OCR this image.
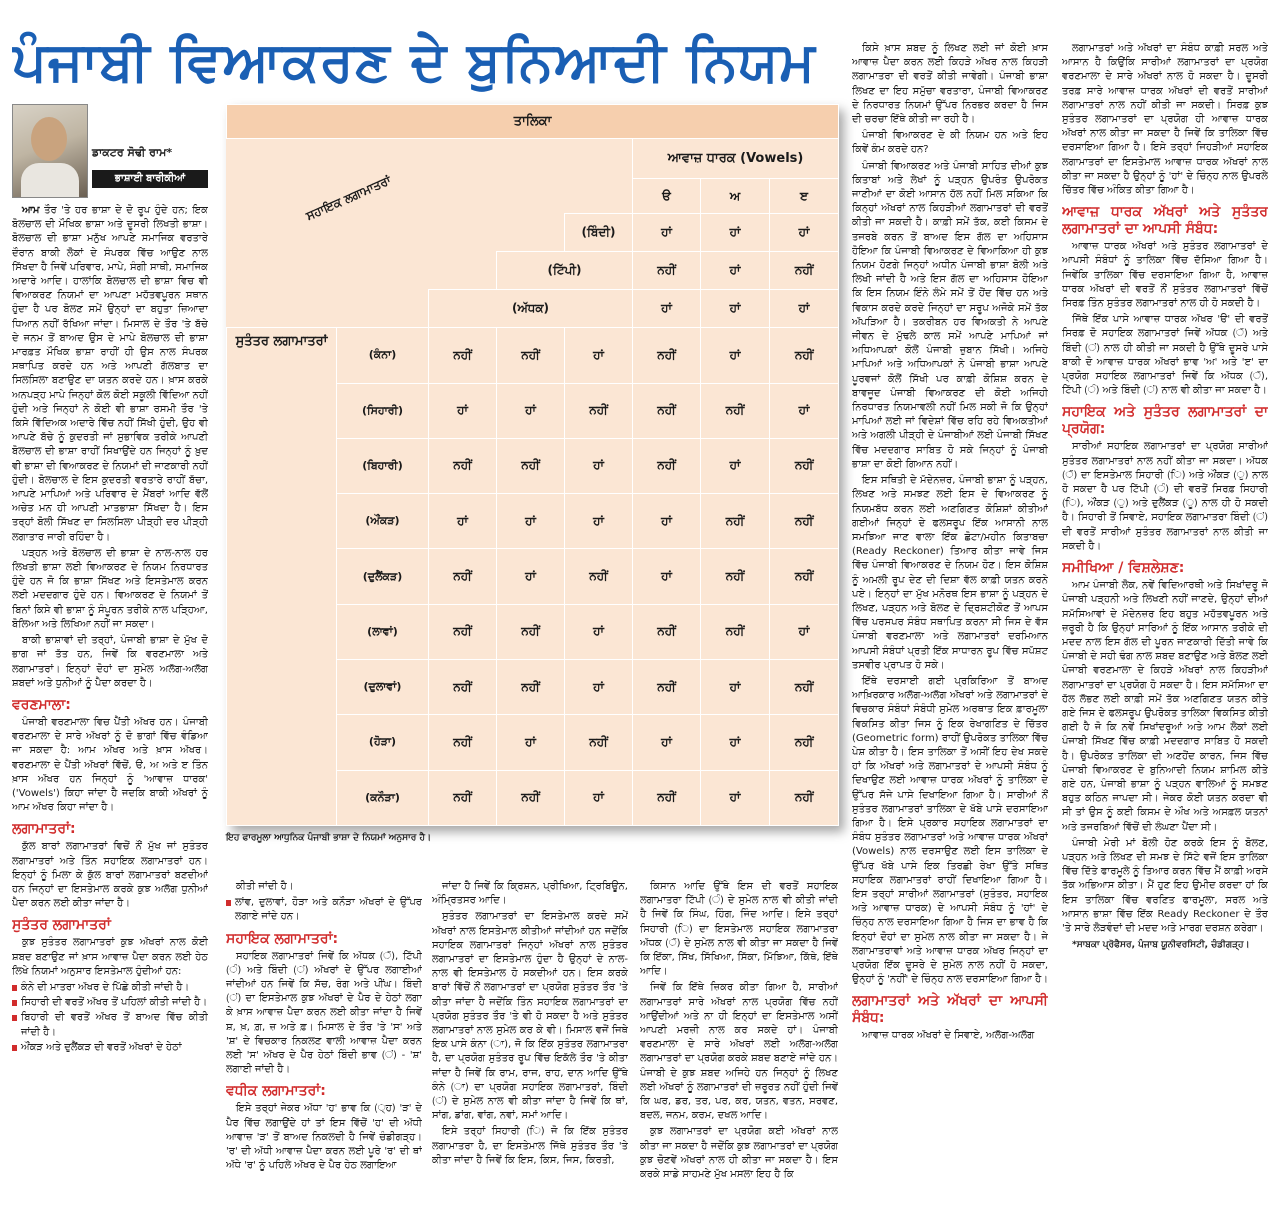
ਪੰਜਾਬੀ ਵਿਆਕਰਣ ਦੇ ਬੁਨਿਆਦੀ ਨਿਯਮ
ਡਾਕਟਰ ਸੋਢੀ ਰਾਮ*
ਭਾਸ਼ਾਈ ਬਾਰੀਕੀਆਂ

ਆਮ ਤੌਰ 'ਤੇ ਹਰ ਭਾਸ਼ਾ ਦੇ ਦੋ ਰੂਪ ਹੁੰਦੇ ਹਨ; ਇਕ ਬੋਲਚਾਲ ਦੀ ਮੌਖਿਕ ਭਾਸ਼ਾ ਅਤੇ ਦੂਸਰੀ ਲਿਖਤੀ ਭਾਸ਼ਾ। ਬੋਲਚਾਲ ਦੀ ਭਾਸ਼ਾ ਮਨੁੱਖ ਆਪਣੇ ਸਮਾਜਿਕ ਵਰਤਾਰੇ ਦੌਰਾਨ ਬਾਕੀ ਲੋਕਾਂ ਦੇ ਸੰਪਰਕ ਵਿੱਚ ਆਉਣ ਨਾਲ ਸਿੱਖਦਾ ਹੈ ਜਿਵੇਂ ਪਰਿਵਾਰ, ਮਾਪੇ, ਸੰਗੀ ਸਾਥੀ, ਸਮਾਜਿਕ ਅਦਾਰੇ ਆਦਿ। ਹਾਲਾਂਕਿ ਬੋਲਚਾਲ ਦੀ ਭਾਸ਼ਾ ਵਿਚ ਵੀ ਵਿਆਕਰਣ ਨਿਯਮਾਂ ਦਾ ਆਪਣਾ ਮਹੱਤਵਪੂਰਨ ਸਥਾਨ ਹੁੰਦਾ ਹੈ ਪਰ ਬੋਲਣ ਸਮੇਂ ਉਨ੍ਹਾਂ ਦਾ ਬਹੁਤਾ ਜ਼ਿਆਦਾ ਧਿਆਨ ਨਹੀਂ ਰੱਖਿਆ ਜਾਂਦਾ। ਮਿਸਾਲ ਦੇ ਤੌਰ 'ਤੇ ਬੱਚੇ ਦੇ ਜਨਮ ਤੋਂ ਬਾਅਦ ਉਸ ਦੇ ਮਾਪੇ ਬੋਲਚਾਲ ਦੀ ਭਾਸ਼ਾ ਮਾਰਫ਼ਤ ਮੌਖਿਕ ਭਾਸ਼ਾ ਰਾਹੀਂ ਹੀ ਉਸ ਨਾਲ ਸੰਪਰਕ ਸਥਾਪਿਤ ਕਰਦੇ ਹਨ ਅਤੇ ਆਪਣੀ ਗੱਲਬਾਤ ਦਾ ਸਿਲਸਿਲਾ ਬਣਾਉਣ ਦਾ ਯਤਨ ਕਰਦੇ ਹਨ। ਖ਼ਾਸ ਕਰਕੇ ਅਨਪੜ੍ਹ ਮਾਪੇ ਜਿਨ੍ਹਾਂ ਕੋਲ ਕੋਈ ਸਕੂਲੀ ਵਿੱਦਿਆ ਨਹੀਂ ਹੁੰਦੀ ਅਤੇ ਜਿਨ੍ਹਾਂ ਨੇ ਕੋਈ ਵੀ ਭਾਸ਼ਾ ਰਸਮੀ ਤੌਰ 'ਤੇ ਕਿਸੇ ਵਿੱਦਿਅਕ ਅਦਾਰੇ ਵਿੱਚ ਨਹੀਂ ਸਿੱਖੀ ਹੁੰਦੀ, ਉਹ ਵੀ ਆਪਣੇ ਬੱਚੇ ਨੂੰ ਕੁਦਰਤੀ ਜਾਂ ਸੁਭਾਵਿਕ ਤਰੀਕੇ ਆਪਣੀ ਬੋਲਚਾਲ ਦੀ ਭਾਸ਼ਾ ਰਾਹੀਂ ਸਿਖਾਉਂਦੇ ਹਨ ਜਿਨ੍ਹਾਂ ਨੂੰ ਖ਼ੁਦ ਵੀ ਭਾਸ਼ਾ ਦੀ ਵਿਆਕਰਣ ਦੇ ਨਿਯਮਾਂ ਦੀ ਜਾਣਕਾਰੀ ਨਹੀਂ ਹੁੰਦੀ। ਬੋਲਚਾਲ ਦੇ ਇਸ ਕੁਦਰਤੀ ਵਰਤਾਰੇ ਰਾਹੀਂ ਬੱਚਾ, ਆਪਣੇ ਮਾਪਿਆਂ ਅਤੇ ਪਰਿਵਾਰ ਦੇ ਮੈਂਬਰਾਂ ਆਦਿ ਵੱਲੋਂ ਅਚੇਤ ਮਨ ਹੀ ਆਪਣੀ ਮਾਤਭਾਸ਼ਾ ਸਿੱਖਦਾ ਹੈ। ਇਸ ਤਰ੍ਹਾਂ ਬੋਲੀ ਸਿੱਖਣ ਦਾ ਸਿਲਸਿਲਾ ਪੀੜ੍ਹੀ ਦਰ ਪੀੜ੍ਹੀ ਲਗਾਤਾਰ ਜਾਰੀ ਰਹਿੰਦਾ ਹੈ।

ਪੜ੍ਹਨ ਅਤੇ ਬੋਲਚਾਲ ਦੀ ਭਾਸ਼ਾ ਦੇ ਨਾਲ-ਨਾਲ ਹਰ ਲਿਖਤੀ ਭਾਸ਼ਾ ਲਈ ਵਿਆਕਰਣ ਦੇ ਨਿਯਮ ਨਿਰਧਾਰਤ ਹੁੰਦੇ ਹਨ ਜੋ ਕਿ ਭਾਸ਼ਾ ਸਿੱਖਣ ਅਤੇ ਇਸਤੇਮਾਲ ਕਰਨ ਲਈ ਮਦਦਗਾਰ ਹੁੰਦੇ ਹਨ। ਵਿਆਕਰਣ ਦੇ ਨਿਯਮਾਂ ਤੋਂ ਬਿਨਾਂ ਕਿਸੇ ਵੀ ਭਾਸ਼ਾ ਨੂੰ ਸੰਪੂਰਨ ਤਰੀਕੇ ਨਾਲ ਪੜ੍ਹਿਆ, ਬੋਲਿਆ ਅਤੇ ਲਿਖਿਆ ਨਹੀਂ ਜਾ ਸਕਦਾ।

ਬਾਕੀ ਭਾਸ਼ਾਵਾਂ ਦੀ ਤਰ੍ਹਾਂ, ਪੰਜਾਬੀ ਭਾਸ਼ਾ ਦੇ ਮੁੱਖ ਦੋ ਭਾਗ ਜਾਂ ਤੱਤ ਹਨ, ਜਿਵੇਂ ਕਿ ਵਰਣਮਾਲਾ ਅਤੇ ਲਗਾਮਾਤਰਾਂ। ਇਨ੍ਹਾਂ ਦੋਹਾਂ ਦਾ ਸੁਮੇਲ ਅਲੱਗ-ਅਲੱਗ ਸ਼ਬਦਾਂ ਅਤੇ ਧੁਨੀਆਂ ਨੂੰ ਪੈਦਾ ਕਰਦਾ ਹੈ।

ਵਰਣਮਾਲਾ:

ਪੰਜਾਬੀ ਵਰਣਮਾਲਾ ਵਿਚ ਪੈਂਤੀ ਅੱਖਰ ਹਨ। ਪੰਜਾਬੀ ਵਰਣਮਾਲਾ ਦੇ ਸਾਰੇ ਅੱਖਰਾਂ ਨੂੰ ਦੋ ਭਾਗਾਂ ਵਿੱਚ ਵੰਡਿਆ ਜਾ ਸਕਦਾ ਹੈ: ਆਮ ਅੱਖਰ ਅਤੇ ਖ਼ਾਸ ਅੱਖਰ। ਵਰਣਮਾਲਾ ਦੇ ਪੈਂਤੀ ਅੱਖਰਾਂ ਵਿੱਚੋਂ, ੳ, ਅ ਅਤੇ ੲ ਤਿੰਨ ਖ਼ਾਸ ਅੱਖਰ ਹਨ ਜਿਨ੍ਹਾਂ ਨੂੰ 'ਆਵਾਜ਼ ਧਾਰਕ' ('Vowels') ਕਿਹਾ ਜਾਂਦਾ ਹੈ ਜਦਕਿ ਬਾਕੀ ਅੱਖਰਾਂ ਨੂੰ ਆਮ ਅੱਖਰ ਕਿਹਾ ਜਾਂਦਾ ਹੈ।

ਲਗਾਮਾਤਰਾਂ:

ਕੁੱਲ ਬਾਰਾਂ ਲਗਾਮਾਤਰਾਂ ਵਿਚੋਂ ਨੌਂ ਮੁੱਖ ਜਾਂ ਸੁਤੰਤਰ ਲਗਾਮਾਤਰਾਂ ਅਤੇ ਤਿੰਨ ਸਹਾਇਕ ਲਗਾਮਾਤਰਾਂ ਹਨ। ਇਨ੍ਹਾਂ ਨੂੰ ਮਿਲਾ ਕੇ ਕੁੱਲ ਬਾਰਾਂ ਲਗਾਮਾਤਰਾਂ ਬਣਦੀਆਂ ਹਨ ਜਿਨ੍ਹਾਂ ਦਾ ਇਸਤੇਮਾਲ ਕਰਕੇ ਕੁਝ ਅਲੱਗ ਧੁਨੀਆਂ ਪੈਦਾ ਕਰਨ ਲਈ ਕੀਤਾ ਜਾਂਦਾ ਹੈ।

ਸੁਤੰਤਰ ਲਗਾਮਾਤਰਾਂ

ਕੁਝ ਸੁਤੰਤਰ ਲਗਾਮਾਤਰਾਂ ਕੁਝ ਅੱਖਰਾਂ ਨਾਲ ਕੋਈ ਸ਼ਬਦ ਬਣਾਉਣ ਜਾਂ ਖ਼ਾਸ ਆਵਾਜ਼ ਪੈਦਾ ਕਰਨ ਲਈ ਹੇਠ ਲਿਖੇ ਨਿਯਮਾਂ ਅਨੁਸਾਰ ਇਸਤੇਮਾਲ ਹੁੰਦੀਆਂ ਹਨ:

ਕੰਨੇ ਦੀ ਮਾਤਰਾ ਅੱਖਰ ਦੇ ਪਿੱਛੇ ਕੀਤੀ ਜਾਂਦੀ ਹੈ।
ਸਿਹਾਰੀ ਦੀ ਵਰਤੋਂ ਅੱਖਰ ਤੋਂ ਪਹਿਲਾਂ ਕੀਤੀ ਜਾਂਦੀ ਹੈ।
ਬਿਹਾਰੀ ਦੀ ਵਰਤੋਂ ਅੱਖਰ ਤੋਂ ਬਾਅਦ ਵਿੱਚ ਕੀਤੀ ਜਾਂਦੀ ਹੈ।
ਔਂਕੜ ਅਤੇ ਦੁਲੈਂਕੜ ਦੀ ਵਰਤੋਂ ਅੱਖਰਾਂ ਦੇ ਹੇਠਾਂ
ਤਾਲਿਕਾ							

ਸਹਾਇਕ ਲਗਾਮਾਤਰਾਂ					ਆਵਾਜ਼ ਧਾਰਕ (Vowels)		
					ੳ	ਅ	ੲ
				(ਬਿੰਦੀ)	ਹਾਂ	ਹਾਂ	ਹਾਂ
			(ਟਿੱਪੀ)		ਨਹੀਂ	ਹਾਂ	ਨਹੀਂ
		(ਅੱਧਕ)			ਹਾਂ	ਹਾਂ	ਹਾਂ
ਸੁਤੰਤਰ ਲਗਾਮਾਤਰਾਂ	(ਕੰਨਾ)	ਨਹੀਂ	ਨਹੀਂ	ਹਾਂ	ਨਹੀਂ	ਹਾਂ	ਨਹੀਂ
	(ਸਿਹਾਰੀ)	ਹਾਂ	ਹਾਂ	ਨਹੀਂ	ਨਹੀਂ	ਨਹੀਂ	ਹਾਂ
	(ਬਿਹਾਰੀ)	ਨਹੀਂ	ਨਹੀਂ	ਹਾਂ	ਨਹੀਂ	ਹਾਂ	ਨਹੀਂ
	(ਔਂਕੜ)	ਹਾਂ	ਹਾਂ	ਹਾਂ	ਹਾਂ	ਨਹੀਂ	ਨਹੀਂ
	(ਦੁਲੈਂਕੜ)	ਨਹੀਂ	ਹਾਂ	ਨਹੀਂ	ਹਾਂ	ਨਹੀਂ	ਨਹੀਂ
	(ਲਾਵਾਂ)	ਨਹੀਂ	ਨਹੀਂ	ਹਾਂ	ਨਹੀਂ	ਨਹੀਂ	ਹਾਂ
	(ਦੁਲਾਵਾਂ)	ਨਹੀਂ	ਨਹੀਂ	ਹਾਂ	ਨਹੀਂ	ਹਾਂ	ਨਹੀਂ
	(ਹੋੜਾ)	ਨਹੀਂ	ਹਾਂ	ਨਹੀਂ	ਹਾਂ	ਹਾਂ	ਨਹੀਂ
	(ਕਨੌੜਾ)	ਨਹੀਂ	ਨਹੀਂ	ਹਾਂ	ਨਹੀਂ	ਹਾਂ	ਨਹੀਂ
ਇਹ ਫਾਰਮੂਲਾ ਆਧੁਨਿਕ ਪੰਜਾਬੀ ਭਾਸ਼ਾ ਦੇ ਨਿਯਮਾਂ ਅਨੁਸਾਰ ਹੈ।

ਕੀਤੀ ਜਾਂਦੀ ਹੈ।

ਲਾਂਵ, ਦੁਲਾਵਾਂ, ਹੋੜਾ ਅਤੇ ਕਨੌੜਾ ਅੱਖਰਾਂ ਦੇ ਉੱਪਰ ਲਗਾਏ ਜਾਂਦੇ ਹਨ।
ਸਹਾਇਕ ਲਗਾਮਾਤਰਾਂ:

ਸਹਾਇਕ ਲਗਾਮਾਤਰਾਂ ਜਿਵੇਂ ਕਿ ਅੱਧਕ (ੱ), ਟਿੱਪੀ (ੰ) ਅਤੇ ਬਿੰਦੀ (ਂ) ਅੱਖਰਾਂ ਦੇ ਉੱਪਰ ਲਗਾਈਆਂ ਜਾਂਦੀਆਂ ਹਨ ਜਿਵੇਂ ਕਿ ਸੱਚ, ਰੰਗ ਅਤੇ ਪੀਂਘ। ਬਿੰਦੀ (ਂ) ਦਾ ਇਸਤੇਮਾਲ ਕੁਝ ਅੱਖਰਾਂ ਦੇ ਪੈਰ ਦੇ ਹੇਠਾਂ ਲਗਾ ਕੇ ਖ਼ਾਸ ਆਵਾਜ਼ ਪੈਦਾ ਕਰਨ ਲਈ ਕੀਤਾ ਜਾਂਦਾ ਹੈ ਜਿਵੇਂ ਸ਼, ਖ਼, ਗ਼, ਜ਼ ਅਤੇ ਫ਼। ਮਿਸਾਲ ਦੇ ਤੌਰ 'ਤੇ 'ਸ' ਅਤੇ 'ਸ਼' ਦੇ ਵਿਚਕਾਰ ਨਿਕਲਣ ਵਾਲੀ ਆਵਾਜ਼ ਪੈਦਾ ਕਰਨ ਲਈ 'ਸ' ਅੱਖਰ ਦੇ ਪੈਰ ਹੇਠਾਂ ਬਿੰਦੀ ਭਾਵ (ਂ) - 'ਸ਼' ਲਗਾਈ ਜਾਂਦੀ ਹੈ।

ਵਧੀਕ ਲਗਾਮਾਤਰਾਂ:

ਇਸੇ ਤਰ੍ਹਾਂ ਜੇਕਰ ਅੱਧਾ 'ਹ' ਭਾਵ ਕਿ (੍ਹ) 'ੜ' ਦੇ ਪੈਰ ਵਿੱਚ ਲਗਾਉਂਦੇ ਹਾਂ ਤਾਂ ਇਸ ਵਿੱਚੋਂ 'ਹ' ਦੀ ਅੱਧੀ ਆਵਾਜ਼ 'ੜ' ਤੋਂ ਬਾਅਦ ਨਿਕਲਦੀ ਹੈ ਜਿਵੇਂ ਚੰਡੀਗੜ੍ਹ। 'ਰ' ਦੀ ਅੱਧੀ ਆਵਾਜ਼ ਪੈਦਾ ਕਰਨ ਲਈ ਪੂਰੇ 'ਰ' ਦੀ ਥਾਂ ਅੱਧੇ 'ਰ' ਨੂੰ ਪਹਿਲੇ ਅੱਖਰ ਦੇ ਪੈਰ ਹੇਠ ਲਗਾਇਆ

ਜਾਂਦਾ ਹੈ ਜਿਵੇਂ ਕਿ ਕ੍ਰਿਸ਼ਨ, ਪ੍ਰੀਖਿਆ, ਟ੍ਰਿਬਿਊਨ, ਅੰਮ੍ਰਿਤਸਰ ਆਦਿ।

ਸੁਤੰਤਰ ਲਗਾਮਾਤਰਾਂ ਦਾ ਇਸਤੇਮਾਲ ਕਰਦੇ ਸਮੇਂ ਅੱਖਰਾਂ ਨਾਲ ਇਸਤੇਮਾਲ ਕੀਤੀਆਂ ਜਾਂਦੀਆਂ ਹਨ ਜਦੋਂਕਿ ਸਹਾਇਕ ਲਗਾਮਾਤਰਾਂ ਜਿਨ੍ਹਾਂ ਅੱਖਰਾਂ ਨਾਲ ਸੁਤੰਤਰ ਲਗਾਮਾਤਰਾਂ ਦਾ ਇਸਤੇਮਾਲ ਹੁੰਦਾ ਹੈ ਉਨ੍ਹਾਂ ਦੇ ਨਾਲ-ਨਾਲ ਵੀ ਇਸਤੇਮਾਲ ਹੋ ਸਕਦੀਆਂ ਹਨ। ਇਸ ਕਰਕੇ ਬਾਰਾਂ ਵਿੱਚੋਂ ਨੌਂ ਲਗਾਮਾਤਰਾਂ ਦਾ ਪ੍ਰਯੋਗ ਸੁਤੰਤਰ ਤੌਰ 'ਤੇ ਕੀਤਾ ਜਾਂਦਾ ਹੈ ਜਦੋਂਕਿ ਤਿੰਨ ਸਹਾਇਕ ਲਗਾਮਾਤਰਾਂ ਦਾ ਪ੍ਰਯੋਗ ਸੁਤੰਤਰ ਤੌਰ 'ਤੇ ਵੀ ਹੋ ਸਕਦਾ ਹੈ ਅਤੇ ਸੁਤੰਤਰ ਲਗਾਮਾਤਰਾਂ ਨਾਲ ਸੁਮੇਲ ਕਰ ਕੇ ਵੀ। ਮਿਸਾਲ ਵਜੋਂ ਜਿਥੇ ਇਕ ਪਾਸੇ ਕੰਨਾ (ਾ), ਜੋ ਕਿ ਇੱਕ ਸੁਤੰਤਰ ਲਗਾਮਾਤਰਾ ਹੈ, ਦਾ ਪ੍ਰਯੋਗ ਸੁਤੰਤਰ ਰੂਪ ਵਿੱਚ ਇਕੱਲੇ ਤੌਰ 'ਤੇ ਕੀਤਾ ਜਾਂਦਾ ਹੈ ਜਿਵੇਂ ਕਿ ਰਾਮ, ਰਾਜ, ਰਾਹ, ਦਾਨ ਆਦਿ ਉੱਥੇ ਕੰਨੇ (ਾ) ਦਾ ਪ੍ਰਯੋਗ ਸਹਾਇਕ ਲਗਾਮਾਤਰਾਂ, ਬਿੰਦੀ (ਂ) ਦੇ ਸੁਮੇਲ ਨਾਲ ਵੀ ਕੀਤਾ ਜਾਂਦਾ ਹੈ ਜਿਵੇਂ ਕਿ ਥਾਂ, ਸਾਂਗ, ਡਾਂਗ, ਵਾਂਗ, ਨਵਾਂ, ਸਮਾਂ ਆਦਿ।

ਇਸੇ ਤਰ੍ਹਾਂ ਸਿਹਾਰੀ (ਿ) ਜੋ ਕਿ ਇੱਕ ਸੁਤੰਤਰ ਲਗਾਮਾਤਰਾ ਹੈ, ਦਾ ਇਸਤੇਮਾਲ ਜਿੱਥੇ ਸੁਤੰਤਰ ਤੌਰ 'ਤੇ ਕੀਤਾ ਜਾਂਦਾ ਹੈ ਜਿਵੇਂ ਕਿ ਇਸ, ਕਿਸ, ਜਿਸ, ਕਿਰਤੀ,

ਕਿਸਾਨ ਆਦਿ ਉੱਥੇ ਇਸ ਦੀ ਵਰਤੋਂ ਸਹਾਇਕ ਲਗਾਮਾਤਰਾ ਟਿੱਪੀ (ੰ) ਦੇ ਸੁਮੇਲ ਨਾਲ ਵੀ ਕੀਤੀ ਜਾਂਦੀ ਹੈ ਜਿਵੇਂ ਕਿ ਸਿੰਘ, ਹਿੰਗ, ਜਿੰਦ ਆਦਿ। ਇਸੇ ਤਰ੍ਹਾਂ ਸਿਹਾਰੀ (ਿ) ਦਾ ਇਸਤੇਮਾਲ ਸਹਾਇਕ ਲਗਾਮਾਤਰਾ ਅੱਧਕ (ੱ) ਦੇ ਸੁਮੇਲ ਨਾਲ ਵੀ ਕੀਤਾ ਜਾ ਸਕਦਾ ਹੈ ਜਿਵੇਂ ਕਿ ਇੱਕਾ, ਸਿੱਖ, ਸਿੱਖਿਆ, ਸਿੱਕਾ, ਮਿੱਝਿਆ, ਕਿੱਥੇ, ਇੱਥੇ ਆਦਿ।

ਜਿਵੇਂ ਕਿ ਇੱਥੇ ਜ਼ਿਕਰ ਕੀਤਾ ਗਿਆ ਹੈ, ਸਾਰੀਆਂ ਲਗਾਮਾਤਰਾਂ ਸਾਰੇ ਅੱਖਰਾਂ ਨਾਲ ਪ੍ਰਯੋਗ ਵਿੱਚ ਨਹੀਂ ਆਉਂਦੀਆਂ ਅਤੇ ਨਾ ਹੀ ਇਨ੍ਹਾਂ ਦਾ ਇਸਤੇਮਾਲ ਅਸੀਂ ਆਪਣੀ ਮਰਜ਼ੀ ਨਾਲ ਕਰ ਸਕਦੇ ਹਾਂ। ਪੰਜਾਬੀ ਵਰਣਮਾਲਾ ਦੇ ਸਾਰੇ ਅੱਖਰਾਂ ਲਈ ਅਲੱਗ-ਅਲੱਗ ਲਗਾਮਾਤਰਾਂ ਦਾ ਪ੍ਰਯੋਗ ਕਰਕੇ ਸ਼ਬਦ ਬਣਾਏ ਜਾਂਦੇ ਹਨ। ਪੰਜਾਬੀ ਦੇ ਕੁਝ ਸ਼ਬਦ ਅਜਿਹੇ ਹਨ ਜਿਨ੍ਹਾਂ ਨੂੰ ਲਿਖਣ ਲਈ ਅੱਖਰਾਂ ਨੂੰ ਲਗਾਮਾਤਰਾਂ ਦੀ ਜ਼ਰੂਰਤ ਨਹੀਂ ਹੁੰਦੀ ਜਿਵੇਂ ਕਿ ਘਰ, ਡਰ, ਤਰ, ਪਰ, ਕਰ, ਯਤਨ, ਵਤਨ, ਸਰਵਣ, ਬਦਲ, ਜਨਮ, ਕਰਮ, ਦਖਲ ਆਦਿ।

ਕੁਝ ਲਗਾਮਾਤਰਾਂ ਦਾ ਪ੍ਰਯੋਗ ਕਈ ਅੱਖਰਾਂ ਨਾਲ ਕੀਤਾ ਜਾ ਸਕਦਾ ਹੈ ਜਦੋਂਕਿ ਕੁਝ ਲਗਾਮਾਤਰਾਂ ਦਾ ਪ੍ਰਯੋਗ ਕੁਝ ਚੋਣਵੇਂ ਅੱਖਰਾਂ ਨਾਲ ਹੀ ਕੀਤਾ ਜਾ ਸਕਦਾ ਹੈ। ਇਸ ਕਰਕੇ ਸਾਡੇ ਸਾਹਮਣੇ ਮੁੱਖ ਮਸਲਾ ਇਹ ਹੈ ਕਿ

ਕਿਸੇ ਖ਼ਾਸ ਸ਼ਬਦ ਨੂੰ ਲਿਖਣ ਲਈ ਜਾਂ ਕੋਈ ਖ਼ਾਸ ਆਵਾਜ਼ ਪੈਦਾ ਕਰਨ ਲਈ ਕਿਹੜੇ ਅੱਖਰ ਨਾਲ ਕਿਹੜੀ ਲਗਾਮਾਤਰਾ ਦੀ ਵਰਤੋਂ ਕੀਤੀ ਜਾਵੇਗੀ। ਪੰਜਾਬੀ ਭਾਸ਼ਾ ਲਿਖਣ ਦਾ ਇਹ ਸਮੁੱਚਾ ਵਰਤਾਰਾ, ਪੰਜਾਬੀ ਵਿਆਕਰਣ ਦੇ ਨਿਰਧਾਰਤ ਨਿਯਮਾਂ ਉੱਪਰ ਨਿਰਭਰ ਕਰਦਾ ਹੈ ਜਿਸ ਦੀ ਚਰਚਾ ਇੱਥੇ ਕੀਤੀ ਜਾ ਰਹੀ ਹੈ।

ਪੰਜਾਬੀ ਵਿਆਕਰਣ ਦੇ ਕੀ ਨਿਯਮ ਹਨ ਅਤੇ ਇਹ ਕਿਵੇਂ ਕੰਮ ਕਰਦੇ ਹਨ?

ਪੰਜਾਬੀ ਵਿਆਕਰਣ ਅਤੇ ਪੰਜਾਬੀ ਸਾਹਿਤ ਦੀਆਂ ਕੁਝ ਕਿਤਾਬਾਂ ਅਤੇ ਲੇਖਾਂ ਨੂੰ ਪੜ੍ਹਨ ਉਪਰੰਤ ਉਪਰੋਕਤ ਜਾਣੀਆਂ ਦਾ ਕੋਈ ਆਸਾਨ ਹੱਲ ਨਹੀਂ ਮਿਲ ਸਕਿਆ ਕਿ ਕਿਨ੍ਹਾਂ ਅੱਖਰਾਂ ਨਾਲ ਕਿਹੜੀਆਂ ਲਗਾਮਾਤਰਾਂ ਦੀ ਵਰਤੋਂ ਕੀਤੀ ਜਾ ਸਕਦੀ ਹੈ। ਕਾਫ਼ੀ ਸਮੇਂ ਤੱਕ, ਕਈ ਕਿਸਮ ਦੇ ਤਜਰਬੇ ਕਰਨ ਤੋਂ ਬਾਅਦ ਇਸ ਗੱਲ ਦਾ ਅਹਿਸਾਸ ਹੋਇਆ ਕਿ ਪੰਜਾਬੀ ਵਿਆਕਰਣ ਦੇ ਵਿਆਕਿਆ ਹੀ ਕੁਝ ਨਿਯਮ ਹੋਣਗੇ ਜਿਨ੍ਹਾਂ ਅਧੀਨ ਪੰਜਾਬੀ ਭਾਸ਼ਾ ਬੋਲੀ ਅਤੇ ਲਿਖੀ ਜਾਂਦੀ ਹੈ ਅਤੇ ਇਸ ਗੱਲ ਦਾ ਅਹਿਸਾਸ ਹੋਇਆ ਕਿ ਇਸ ਨਿਯਮ ਇੰਨੇ ਲੰਮੇ ਸਮੇਂ ਤੋਂ ਹੋਂਦ ਵਿੱਚ ਹਨ ਅਤੇ ਵਿਕਾਸ ਕਰਦੇ ਕਰਦੇ ਜਿਨ੍ਹਾਂ ਦਾ ਸਰੂਪ ਅਜੋਕੇ ਸਮੇਂ ਤੱਕ ਅੱਪੜਿਆ ਹੈ। ਤਕਰੀਬਨ ਹਰ ਵਿਅਕਤੀ ਨੇ ਆਪਣੇ ਜੀਵਨ ਦੇ ਮੁੱਢਲੇ ਕਾਲ ਸਮੇਂ ਆਪਣੇ ਮਾਪਿਆਂ ਜਾਂ ਅਧਿਆਪਕਾਂ ਕੋਲੋਂ ਪੰਜਾਬੀ ਜ਼ੁਬਾਨ ਸਿੱਖੀ। ਅਜਿਹੇ ਮਾਪਿਆਂ ਅਤੇ ਅਧਿਆਪਕਾਂ ਨੇ ਪੰਜਾਬੀ ਭਾਸ਼ਾ ਆਪਣੇ ਪੂਰਵਜਾਂ ਕੋਲੋਂ ਸਿੱਖੀ ਪਰ ਕਾਫ਼ੀ ਕੋਸ਼ਿਸ਼ ਕਰਨ ਦੇ ਬਾਵਜੂਦ ਪੰਜਾਬੀ ਵਿਆਕਰਣ ਦੀ ਕੋਈ ਅਜਿਹੀ ਨਿਰਧਾਰਤ ਨਿਯਮਾਵਲੀ ਨਹੀਂ ਮਿਲ ਸਕੀ ਜੋ ਕਿ ਉਨ੍ਹਾਂ ਮਾਪਿਆਂ ਲਈ ਜਾਂ ਵਿਦੇਸ਼ਾਂ ਵਿੱਚ ਰਹਿ ਰਹੇ ਵਿਅਕਤੀਆਂ ਅਤੇ ਅਗਲੀ ਪੀੜ੍ਹੀ ਦੇ ਪੰਜਾਬੀਆਂ ਲਈ ਪੰਜਾਬੀ ਸਿੱਖਣ ਵਿੱਚ ਮਦਦਗਾਰ ਸਾਬਿਤ ਹੋ ਸਕੇ ਜਿਨ੍ਹਾਂ ਨੂੰ ਪੰਜਾਬੀ ਭਾਸ਼ਾ ਦਾ ਕੋਈ ਗਿਆਨ ਨਹੀਂ।

ਇਸ ਸਥਿਤੀ ਦੇ ਮੱਦੇਨਜ਼ਰ, ਪੰਜਾਬੀ ਭਾਸ਼ਾ ਨੂੰ ਪੜ੍ਹਨ, ਲਿਖਣ ਅਤੇ ਸਮਝਣ ਲਈ ਇਸ ਦੇ ਵਿਆਕਰਣ ਨੂੰ ਨਿਯਮਬੱਧ ਕਰਨ ਲਈ ਅਣਗਿਣਤ ਕੋਸ਼ਿਸ਼ਾਂ ਕੀਤੀਆਂ ਗਈਆਂ ਜਿਨ੍ਹਾਂ ਦੇ ਫਲਸਰੂਪ ਇੱਕ ਆਸਾਨੀ ਨਾਲ ਸਮਝਿਆ ਜਾਣ ਵਾਲਾ ਇੱਕ ਛੋਟਾ/ਮਹੀਨ ਕਿਤਾਬਚਾ (Ready Reckoner) ਤਿਆਰ ਕੀਤਾ ਜਾਵੇ ਜਿਸ ਵਿੱਚ ਪੰਜਾਬੀ ਵਿਆਕਰਣ ਦੇ ਨਿਯਮ ਹੋਣ। ਇਸ ਕੋਸ਼ਿਸ਼ ਨੂੰ ਅਮਲੀ ਰੂਪ ਦੇਣ ਦੀ ਦਿਸ਼ਾ ਵੱਲ ਕਾਫ਼ੀ ਯਤਨ ਕਰਨੇ ਪਏ। ਇਨ੍ਹਾਂ ਦਾ ਮੁੱਖ ਮਨੋਰਥ ਇਸ ਭਾਸ਼ਾ ਨੂੰ ਪੜ੍ਹਨ ਦੇ ਲਿਖਣ, ਪੜ੍ਹਨ ਅਤੇ ਬੋਲਣ ਦੇ ਦ੍ਰਿਸ਼ਟੀਕੋਣ ਤੋਂ ਆਪਸ ਵਿੱਚ ਪਰਸਪਰ ਸੰਬੰਧ ਸਥਾਪਿਤ ਕਰਨਾ ਸੀ ਜਿਸ ਦੇ ਵੱਸ ਪੰਜਾਬੀ ਵਰਣਮਾਲਾ ਅਤੇ ਲਗਾਮਾਤਰਾਂ ਦਰਮਿਆਨ ਆਪਸੀ ਸੰਬੰਧਾਂ ਪ੍ਰਤੀ ਇੱਕ ਸਾਧਾਰਨ ਰੂਪ ਵਿੱਚ ਸਪੱਸ਼ਟ ਤਸਵੀਰ ਪ੍ਰਾਪਤ ਹੋ ਸਕੇ।

ਇੱਥੇ ਦਰਸਾਈ ਗਈ ਪ੍ਰਕਿਰਿਆ ਤੋਂ ਬਾਅਦ ਆਖ਼ਿਰਕਾਰ ਅਲੱਗ-ਅਲੱਗ ਅੱਖਰਾਂ ਅਤੇ ਲਗਾਮਾਤਰਾਂ ਦੇ ਵਿਚਕਾਰ ਸੰਬੰਧਾਂ ਸੰਬੰਧੀ ਸੁਮੇਲ ਅਰਥਾਤ ਇਕ ਫ਼ਾਰਮੂਲਾ ਵਿਕਸਿਤ ਕੀਤਾ ਜਿਸ ਨੂੰ ਇਕ ਰੇਖਾਗਣਿਤ ਦੇ ਚਿੱਤਰ (Geometric form) ਰਾਹੀਂ ਉਪਰੋਕਤ ਤਾਲਿਕਾ ਵਿੱਚ ਪੇਸ਼ ਕੀਤਾ ਹੈ। ਇਸ ਤਾਲਿਕਾ ਤੋਂ ਅਸੀਂ ਇਹ ਦੇਖ ਸਕਦੇ ਹਾਂ ਕਿ ਅੱਖਰਾਂ ਅਤੇ ਲਗਾਮਾਤਰਾਂ ਦੇ ਆਪਸੀ ਸੰਬੰਧ ਨੂੰ ਦਿਖਾਉਣ ਲਈ ਆਵਾਜ਼ ਧਾਰਕ ਅੱਖਰਾਂ ਨੂੰ ਤਾਲਿਕਾ ਦੇ ਉੱਪਰ ਸੱਜੇ ਪਾਸੇ ਦਿਖਾਇਆ ਗਿਆ ਹੈ। ਸਾਰੀਆਂ ਨੌਂ ਸੁਤੰਤਰ ਲਗਾਮਾਤਰਾਂ ਤਾਲਿਕਾ ਦੇ ਖੱਬੇ ਪਾਸੇ ਦਰਸਾਇਆ ਗਿਆ ਹੈ। ਇਸੇ ਪ੍ਰਕਾਰ ਸਹਾਇਕ ਲਗਾਮਾਤਰਾਂ ਦਾ ਸੰਬੰਧ ਸੁਤੰਤਰ ਲਗਾਮਾਤਰਾਂ ਅਤੇ ਆਵਾਜ਼ ਧਾਰਕ ਅੱਖਰਾਂ (Vowels) ਨਾਲ ਦਰਸਾਉਣ ਲਈ ਇਸ ਤਾਲਿਕਾ ਦੇ ਉੱਪਰ ਖੱਬੇ ਪਾਸੇ ਇਕ ਤਿਰਛੀ ਰੇਖਾ ਉੱਤੇ ਸਥਿਤ ਸਹਾਇਕ ਲਗਾਮਾਤਰਾਂ ਰਾਹੀਂ ਦਿਖਾਇਆ ਗਿਆ ਹੈ। ਇਸ ਤਰ੍ਹਾਂ ਸਾਰੀਆਂ ਲਗਾਮਾਤਰਾਂ (ਸੁਤੰਤਰ, ਸਹਾਇਕ ਅਤੇ ਆਵਾਜ਼ ਧਾਰਕ) ਦੇ ਆਪਸੀ ਸੰਬੰਧ ਨੂੰ 'ਹਾਂ' ਦੇ ਚਿੰਨ੍ਹ ਨਾਲ ਦਰਸਾਇਆ ਗਿਆ ਹੈ ਜਿਸ ਦਾ ਭਾਵ ਹੈ ਕਿ ਇਨ੍ਹਾਂ ਦੋਹਾਂ ਦਾ ਸੁਮੇਲ ਨਾਲ ਕੀਤਾ ਜਾ ਸਕਦਾ ਹੈ। ਜੇ ਲਗਾਮਾਤਰਾਵਾਂ ਅਤੇ ਆਵਾਜ਼ ਧਾਰਕ ਅੱਖਰ ਜਿਨ੍ਹਾਂ ਦਾ ਪ੍ਰਯੋਗ ਇੱਕ ਦੂਸਰੇ ਦੇ ਸੁਮੇਲ ਨਾਲ ਨਹੀਂ ਹੋ ਸਕਦਾ, ਉਨ੍ਹਾਂ ਨੂੰ 'ਨਹੀਂ' ਦੇ ਚਿੰਨ੍ਹ ਨਾਲ ਦਰਸਾਇਆ ਗਿਆ ਹੈ।

ਲਗਾਮਾਤਰਾਂ ਅਤੇ ਅੱਖਰਾਂ ਦਾ ਆਪਸੀ ਸੰਬੰਧ:

ਆਵਾਜ਼ ਧਾਰਕ ਅੱਖਰਾਂ ਦੇ ਸਿਵਾਏ, ਅਲੱਗ-ਅਲੱਗ

ਲਗਾਮਾਤਰਾਂ ਅਤੇ ਅੱਖਰਾਂ ਦਾ ਸੰਬੰਧ ਕਾਫ਼ੀ ਸਰਲ ਅਤੇ ਆਸਾਨ ਹੈ ਕਿਉਂਕਿ ਸਾਰੀਆਂ ਲਗਾਮਾਤਰਾਂ ਦਾ ਪ੍ਰਯੋਗ ਵਰਣਮਾਲਾ ਦੇ ਸਾਰੇ ਅੱਖਰਾਂ ਨਾਲ ਹੋ ਸਕਦਾ ਹੈ। ਦੂਸਰੀ ਤਰਫ਼ ਸਾਰੇ ਆਵਾਜ਼ ਧਾਰਕ ਅੱਖਰਾਂ ਦੀ ਵਰਤੋਂ ਸਾਰੀਆਂ ਲਗਾਮਾਤਰਾਂ ਨਾਲ ਨਹੀਂ ਕੀਤੀ ਜਾ ਸਕਦੀ। ਸਿਰਫ਼ ਕੁਝ ਸੁਤੰਤਰ ਲਗਾਮਾਤਰਾਂ ਦਾ ਪ੍ਰਯੋਗ ਹੀ ਆਵਾਜ਼ ਧਾਰਕ ਅੱਖਰਾਂ ਨਾਲ ਕੀਤਾ ਜਾ ਸਕਦਾ ਹੈ ਜਿਵੇਂ ਕਿ ਤਾਲਿਕਾ ਵਿੱਚ ਦਰਸਾਇਆ ਗਿਆ ਹੈ। ਇਸੇ ਤਰ੍ਹਾਂ ਜਿਹੜੀਆਂ ਸਹਾਇਕ ਲਗਾਮਾਤਰਾਂ ਦਾ ਇਸਤੇਮਾਲ ਆਵਾਜ਼ ਧਾਰਕ ਅੱਖਰਾਂ ਨਾਲ ਕੀਤਾ ਜਾ ਸਕਦਾ ਹੈ ਉਨ੍ਹਾਂ ਨੂੰ 'ਹਾਂ' ਦੇ ਚਿੰਨ੍ਹ ਨਾਲ ਉਪਰਲੇ ਚਿੱਤਰ ਵਿੱਚ ਅੰਕਿਤ ਕੀਤਾ ਗਿਆ ਹੈ।

ਆਵਾਜ਼ ਧਾਰਕ ਅੱਖਰਾਂ ਅਤੇ ਸੁਤੰਤਰ ਲਗਾਮਾਤਰਾਂ ਦਾ ਆਪਸੀ ਸੰਬੰਧ:

ਆਵਾਜ਼ ਧਾਰਕ ਅੱਖਰਾਂ ਅਤੇ ਸੁਤੰਤਰ ਲਗਾਮਾਤਰਾਂ ਦੇ ਆਪਸੀ ਸੰਬੰਧਾਂ ਨੂੰ ਤਾਲਿਕਾ ਵਿੱਚ ਦੱਸਿਆ ਗਿਆ ਹੈ। ਜਿਵੇਂਕਿ ਤਾਲਿਕਾ ਵਿੱਚ ਦਰਸਾਇਆ ਗਿਆ ਹੈ, ਆਵਾਜ਼ ਧਾਰਕ ਅੱਖਰਾਂ ਦੀ ਵਰਤੋਂ ਨੌਂ ਸੁਤੰਤਰ ਲਗਾਮਾਤਰਾਂ ਵਿੱਚੋਂ ਸਿਰਫ਼ ਤਿੰਨ ਸੁਤੰਤਰ ਲਗਾਮਾਤਰਾਂ ਨਾਲ ਹੀ ਹੋ ਸਕਦੀ ਹੈ।

ਜਿੱਥੇ ਇੱਕ ਪਾਸੇ ਆਵਾਜ਼ ਧਾਰਕ ਅੱਖਰ 'ੳ' ਦੀ ਵਰਤੋਂ ਸਿਰਫ਼ ਦੋ ਸਹਾਇਕ ਲਗਾਮਾਤਰਾਂ ਜਿਵੇਂ ਅੱਧਕ (ੱ) ਅਤੇ ਬਿੰਦੀ (ਂ) ਨਾਲ ਹੀ ਕੀਤੀ ਜਾ ਸਕਦੀ ਹੈ ਉੱਥੇ ਦੂਸਰੇ ਪਾਸੇ ਬਾਕੀ ਦੋ ਆਵਾਜ਼ ਧਾਰਕ ਅੱਖਰਾਂ ਭਾਵ 'ਅ' ਅਤੇ 'ੲ' ਦਾ ਪ੍ਰਯੋਗ ਸਹਾਇਕ ਲਗਾਮਾਤਰਾਂ ਜਿਵੇਂ ਕਿ ਅੱਧਕ (ੱ), ਟਿੱਪੀ (ੰ) ਅਤੇ ਬਿੰਦੀ (ਂ) ਨਾਲ ਵੀ ਕੀਤਾ ਜਾ ਸਕਦਾ ਹੈ।

ਸਹਾਇਕ ਅਤੇ ਸੁਤੰਤਰ ਲਗਾਮਾਤਰਾਂ ਦਾ ਪ੍ਰਯੋਗ:

ਸਾਰੀਆਂ ਸਹਾਇਕ ਲਗਾਮਾਤਰਾਂ ਦਾ ਪ੍ਰਯੋਗ ਸਾਰੀਆਂ ਸੁਤੰਤਰ ਲਗਾਮਾਤਰਾਂ ਨਾਲ ਨਹੀਂ ਕੀਤਾ ਜਾ ਸਕਦਾ। ਅੱਧਕ (ੱ) ਦਾ ਇਸਤੇਮਾਲ ਸਿਹਾਰੀ (ਿ) ਅਤੇ ਔਂਕੜ (ੁ) ਨਾਲ ਹੋ ਸਕਦਾ ਹੈ ਪਰ ਟਿੱਪੀ (ੰ) ਦੀ ਵਰਤੋਂ ਸਿਰਫ਼ ਸਿਹਾਰੀ (ਿ), ਔਂਕੜ (ੁ) ਅਤੇ ਦੁਲੈਂਕੜ (ੂ) ਨਾਲ ਹੀ ਹੋ ਸਕਦੀ ਹੈ। ਸਿਹਾਰੀ ਤੋਂ ਸਿਵਾਏ, ਸਹਾਇਕ ਲਗਾਮਾਤਰਾ ਬਿੰਦੀ (ਂ) ਦੀ ਵਰਤੋਂ ਸਾਰੀਆਂ ਸੁਤੰਤਰ ਲਗਾਮਾਤਰਾਂ ਨਾਲ ਕੀਤੀ ਜਾ ਸਕਦੀ ਹੈ।

ਸਮੀਖਿਆ / ਵਿਸ਼ਲੇਸ਼ਣ:

ਆਮ ਪੰਜਾਬੀ ਲੋਕ, ਨਵੇਂ ਵਿਦਿਆਰਥੀ ਅਤੇ ਸਿਖਾਂਦਰੂ ਜੋ ਪੰਜਾਬੀ ਪੜ੍ਹਨੀ ਅਤੇ ਲਿਖਣੀ ਨਹੀਂ ਜਾਣਦੇ, ਉਨ੍ਹਾਂ ਦੀਆਂ ਸਮੱਸਿਆਵਾਂ ਦੇ ਮੱਦੇਨਜ਼ਰ ਇਹ ਬਹੁਤ ਮਹੱਤਵਪੂਰਨ ਅਤੇ ਜ਼ਰੂਰੀ ਹੈ ਕਿ ਉਨ੍ਹਾਂ ਸਾਰਿਆਂ ਨੂੰ ਇੱਕ ਆਸਾਨ ਤਰੀਕੇ ਦੀ ਮਦਦ ਨਾਲ ਇਸ ਗੱਲ ਦੀ ਪੂਰਨ ਜਾਣਕਾਰੀ ਦਿੱਤੀ ਜਾਵੇ ਕਿ ਪੰਜਾਬੀ ਦੇ ਸਹੀ ਢੰਗ ਨਾਲ ਸ਼ਬਦ ਬਣਾਉਣ ਅਤੇ ਬੋਲਣ ਲਈ ਪੰਜਾਬੀ ਵਰਣਮਾਲਾ ਦੇ ਕਿਹੜੇ ਅੱਖਰਾਂ ਨਾਲ ਕਿਹੜੀਆਂ ਲਗਾਮਾਤਰਾਂ ਦਾ ਪ੍ਰਯੋਗ ਹੋ ਸਕਦਾ ਹੈ। ਇਸ ਸਮੱਸਿਆ ਦਾ ਹੱਲ ਲੱਭਣ ਲਈ ਕਾਫ਼ੀ ਸਮੇਂ ਤੱਕ ਅਣਗਿਣਤ ਯਤਨ ਕੀਤੇ ਗਏ ਜਿਸ ਦੇ ਫਲਸਰੂਪ ਉਪਰੋਕਤ ਤਾਲਿਕਾ ਵਿਕਸਿਤ ਕੀਤੀ ਗਈ ਹੈ ਜੋ ਕਿ ਨਵੇਂ ਸਿਖਾਂਦਰੂਆਂ ਅਤੇ ਆਮ ਲੋਕਾਂ ਲਈ ਪੰਜਾਬੀ ਸਿੱਖਣ ਵਿੱਚ ਕਾਫ਼ੀ ਮਦਦਗਾਰ ਸਾਬਿਤ ਹੋ ਸਕਦੀ ਹੈ। ਉਪਰੋਕਤ ਤਾਲਿਕਾ ਦੀ ਅਣਹੋਂਦ ਕਾਰਨ, ਜਿਸ ਵਿੱਚ ਪੰਜਾਬੀ ਵਿਆਕਰਣ ਦੇ ਬੁਨਿਆਦੀ ਨਿਯਮ ਸ਼ਾਮਿਲ ਕੀਤੇ ਗਏ ਹਨ, ਪੰਜਾਬੀ ਭਾਸ਼ਾ ਨੂੰ ਪੜ੍ਹਨ ਵਾਲਿਆਂ ਨੂੰ ਸਮਝਣ ਬਹੁਤ ਕਠਿਨ ਜਾਪਦਾ ਸੀ। ਜੇਕਰ ਕੋਈ ਯਤਨ ਕਰਦਾ ਵੀ ਸੀ ਤਾਂ ਉਸ ਨੂੰ ਕਈ ਕਿਸਮ ਦੇ ਔਖ ਅਤੇ ਅਸਫ਼ਲ ਯਤਨਾਂ ਅਤੇ ਤਜਰਬਿਆਂ ਵਿੱਚੋਂ ਦੀ ਲੰਘਣਾ ਪੈਂਦਾ ਸੀ।

ਪੰਜਾਬੀ ਮੇਰੀ ਮਾਂ ਬੋਲੀ ਹੋਣ ਕਰਕੇ ਇਸ ਨੂੰ ਬੋਲਣ, ਪੜ੍ਹਨ ਅਤੇ ਲਿਖਣ ਦੀ ਸਮਝ ਦੇ ਸਿੱਟੇ ਵਜੋਂ ਇਸ ਤਾਲਿਕਾ ਵਿੱਚ ਦਿੱਤੇ ਫਾਰਮੂਲੇ ਨੂੰ ਤਿਆਰ ਕਰਨ ਵਿੱਚ ਮੈਂ ਕਾਫ਼ੀ ਅਰਸੇ ਤੱਕ ਅਭਿਆਸ ਕੀਤਾ। ਮੈਂ ਹੁਣ ਇਹ ਉਮੀਦ ਕਰਦਾ ਹਾਂ ਕਿ ਇਸ ਤਾਲਿਕਾ ਵਿੱਚ ਵਰਣਿਤ ਫਾਰਮੂਲਾ, ਸਰਲ ਅਤੇ ਆਸਾਨ ਭਾਸ਼ਾ ਵਿੱਚ ਇੱਕ Ready Reckoner ਦੇ ਤੌਰ 'ਤੇ ਸਾਰੇ ਲੋੜਵੰਦਾਂ ਦੀ ਮਦਦ ਅਤੇ ਮਾਰਗ ਦਰਸ਼ਨ ਕਰੇਗਾ।

*ਸਾਬਕਾ ਪ੍ਰੋਫੈਸਰ, ਪੰਜਾਬ ਯੂਨੀਵਰਸਿਟੀ, ਚੰਡੀਗੜ੍ਹ।
